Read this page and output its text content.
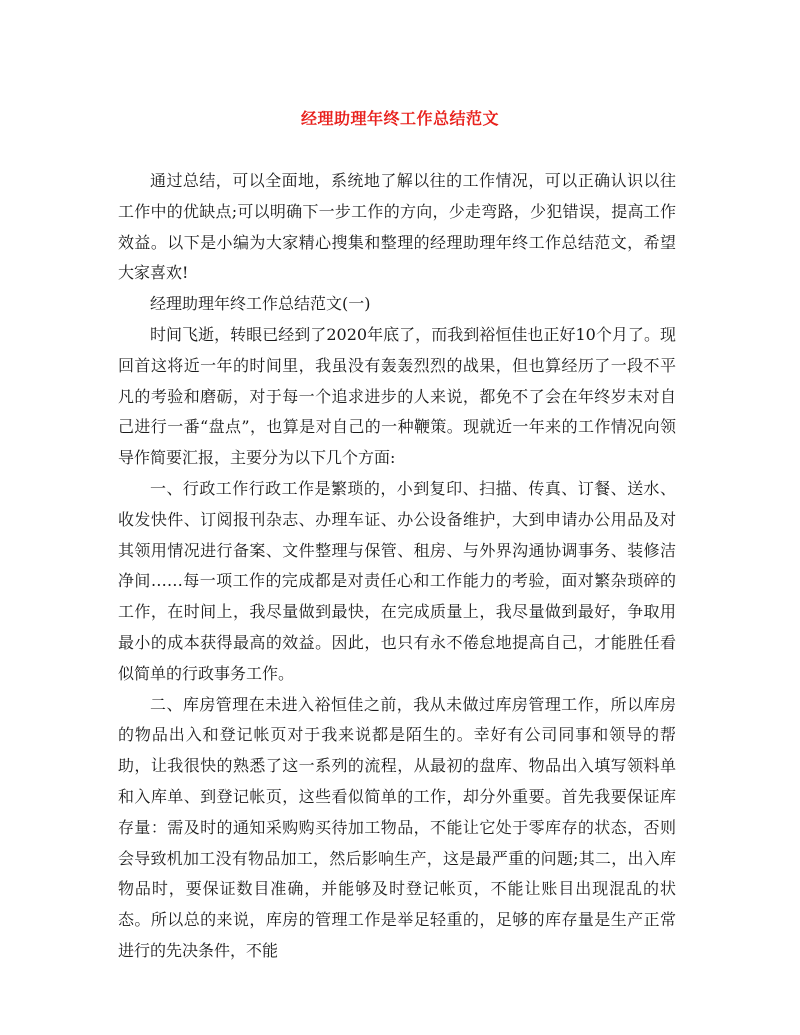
经理助理年终工作总结范文

通过总结，可以全面地，系统地了解以往的工作情况，可以正确认识以往工作中的优缺点;可以明确下一步工作的方向，少走弯路，少犯错误，提高工作效益。以下是小编为大家精心搜集和整理的经理助理年终工作总结范文，希望大家喜欢!

经理助理年终工作总结范文(一)

时间飞逝，转眼已经到了2020年底了，而我到裕恒佳也正好10个月了。现回首这将近一年的时间里，我虽没有轰轰烈烈的战果，但也算经历了一段不平凡的考验和磨砺，对于每一个追求进步的人来说，都免不了会在年终岁末对自己进行一番“盘点”，也算是对自己的一种鞭策。现就近一年来的工作情况向领导作简要汇报，主要分为以下几个方面:

一、行政工作行政工作是繁琐的，小到复印、扫描、传真、订餐、送水、收发快件、订阅报刊杂志、办理车证、办公设备维护，大到申请办公用品及对其领用情况进行备案、文件整理与保管、租房、与外界沟通协调事务、装修洁净间……每一项工作的完成都是对责任心和工作能力的考验，面对繁杂琐碎的工作，在时间上，我尽量做到最快，在完成质量上，我尽量做到最好，争取用最小的成本获得最高的效益。因此，也只有永不倦怠地提高自己，才能胜任看似简单的行政事务工作。

二、库房管理在未进入裕恒佳之前，我从未做过库房管理工作，所以库房的物品出入和登记帐页对于我来说都是陌生的。幸好有公司同事和领导的帮助，让我很快的熟悉了这一系列的流程，从最初的盘库、物品出入填写领料单和入库单、到登记帐页，这些看似简单的工作，却分外重要。首先我要保证库存量：需及时的通知采购购买待加工物品，不能让它处于零库存的状态，否则会导致机加工没有物品加工，然后影响生产，这是最严重的问题;其二，出入库物品时，要保证数目准确，并能够及时登记帐页，不能让账目出现混乱的状态。所以总的来说，库房的管理工作是举足轻重的，足够的库存量是生产正常进行的先决条件，不能
